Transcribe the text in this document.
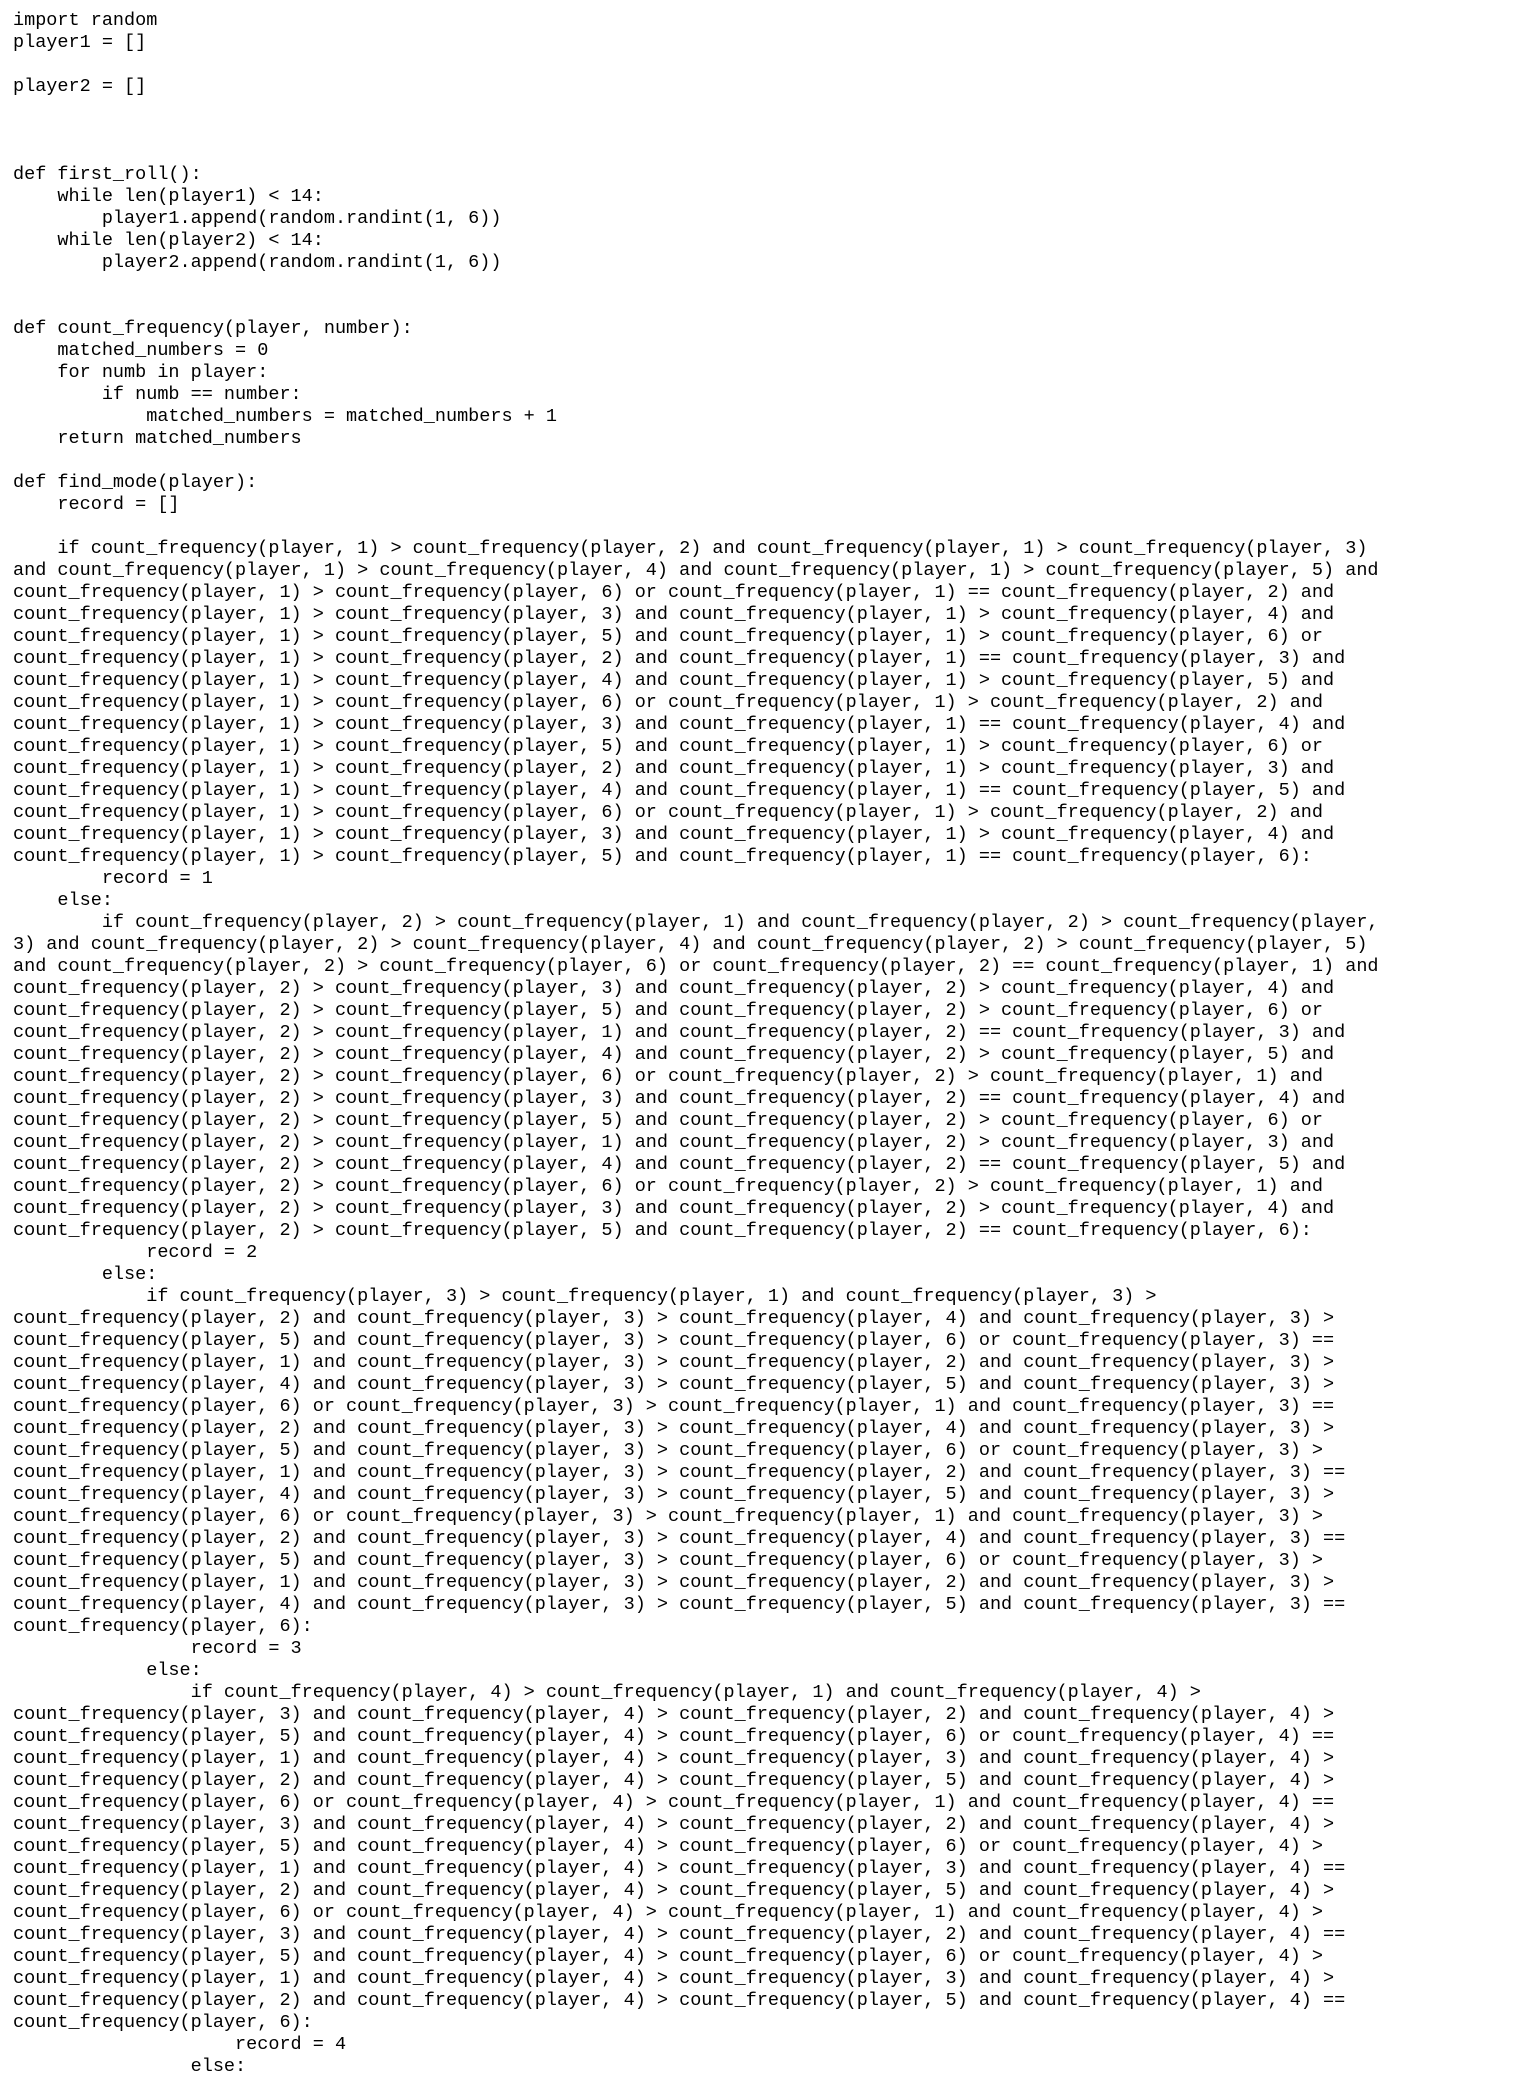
import random
player1 = []
player2 = []
def first_roll():
while len(player1) < 14:
player1.append(random.randint(1, 6))
while len(player2) < 14:
player2.append(random.randint(1, 6))
def count_frequency(player, number):
matched_numbers = 0
for numb in player:
if numb == number:
matched_numbers = matched_numbers + 1
return matched_numbers
def find_mode(player):
record = []
if count_frequency(player, 1) > count_frequency(player, 2) and count_frequency(player, 1) > count_frequency(player, 3)
and count_frequency(player, 1) > count_frequency(player, 4) and count_frequency(player, 1) > count_frequency(player, 5) and
count_frequency(player, 1) > count_frequency(player, 6) or count_frequency(player, 1) == count_frequency(player, 2) and
count_frequency(player, 1) > count_frequency(player, 3) and count_frequency(player, 1) > count_frequency(player, 4) and
count_frequency(player, 1) > count_frequency(player, 5) and count_frequency(player, 1) > count_frequency(player, 6) or
count_frequency(player, 1) > count_frequency(player, 2) and count_frequency(player, 1) == count_frequency(player, 3) and
count_frequency(player, 1) > count_frequency(player, 4) and count_frequency(player, 1) > count_frequency(player, 5) and
count_frequency(player, 1) > count_frequency(player, 6) or count_frequency(player, 1) > count_frequency(player, 2) and
count_frequency(player, 1) > count_frequency(player, 3) and count_frequency(player, 1) == count_frequency(player, 4) and
count_frequency(player, 1) > count_frequency(player, 5) and count_frequency(player, 1) > count_frequency(player, 6) or
count_frequency(player, 1) > count_frequency(player, 2) and count_frequency(player, 1) > count_frequency(player, 3) and
count_frequency(player, 1) > count_frequency(player, 4) and count_frequency(player, 1) == count_frequency(player, 5) and
count_frequency(player, 1) > count_frequency(player, 6) or count_frequency(player, 1) > count_frequency(player, 2) and
count_frequency(player, 1) > count_frequency(player, 3) and count_frequency(player, 1) > count_frequency(player, 4) and
count_frequency(player, 1) > count_frequency(player, 5) and count_frequency(player, 1) == count_frequency(player, 6):
record = 1
else:
if count_frequency(player, 2) > count_frequency(player, 1) and count_frequency(player, 2) > count_frequency(player,
3) and count_frequency(player, 2) > count_frequency(player, 4) and count_frequency(player, 2) > count_frequency(player, 5)
and count_frequency(player, 2) > count_frequency(player, 6) or count_frequency(player, 2) == count_frequency(player, 1) and
count_frequency(player, 2) > count_frequency(player, 3) and count_frequency(player, 2) > count_frequency(player, 4) and
count_frequency(player, 2) > count_frequency(player, 5) and count_frequency(player, 2) > count_frequency(player, 6) or
count_frequency(player, 2) > count_frequency(player, 1) and count_frequency(player, 2) == count_frequency(player, 3) and
count_frequency(player, 2) > count_frequency(player, 4) and count_frequency(player, 2) > count_frequency(player, 5) and
count_frequency(player, 2) > count_frequency(player, 6) or count_frequency(player, 2) > count_frequency(player, 1) and
count_frequency(player, 2) > count_frequency(player, 3) and count_frequency(player, 2) == count_frequency(player, 4) and
count_frequency(player, 2) > count_frequency(player, 5) and count_frequency(player, 2) > count_frequency(player, 6) or
count_frequency(player, 2) > count_frequency(player, 1) and count_frequency(player, 2) > count_frequency(player, 3) and
count_frequency(player, 2) > count_frequency(player, 4) and count_frequency(player, 2) == count_frequency(player, 5) and
count_frequency(player, 2) > count_frequency(player, 6) or count_frequency(player, 2) > count_frequency(player, 1) and
count_frequency(player, 2) > count_frequency(player, 3) and count_frequency(player, 2) > count_frequency(player, 4) and
count_frequency(player, 2) > count_frequency(player, 5) and count_frequency(player, 2) == count_frequency(player, 6):
record = 2
else:
if count_frequency(player, 3) > count_frequency(player, 1) and count_frequency(player, 3) >
count_frequency(player, 2) and count_frequency(player, 3) > count_frequency(player, 4) and count_frequency(player, 3) >
count_frequency(player, 5) and count_frequency(player, 3) > count_frequency(player, 6) or count_frequency(player, 3) ==
count_frequency(player, 1) and count_frequency(player, 3) > count_frequency(player, 2) and count_frequency(player, 3) >
count_frequency(player, 4) and count_frequency(player, 3) > count_frequency(player, 5) and count_frequency(player, 3) >
count_frequency(player, 6) or count_frequency(player, 3) > count_frequency(player, 1) and count_frequency(player, 3) ==
count_frequency(player, 2) and count_frequency(player, 3) > count_frequency(player, 4) and count_frequency(player, 3) >
count_frequency(player, 5) and count_frequency(player, 3) > count_frequency(player, 6) or count_frequency(player, 3) >
count_frequency(player, 1) and count_frequency(player, 3) > count_frequency(player, 2) and count_frequency(player, 3) ==
count_frequency(player, 4) and count_frequency(player, 3) > count_frequency(player, 5) and count_frequency(player, 3) >
count_frequency(player, 6) or count_frequency(player, 3) > count_frequency(player, 1) and count_frequency(player, 3) >
count_frequency(player, 2) and count_frequency(player, 3) > count_frequency(player, 4) and count_frequency(player, 3) ==
count_frequency(player, 5) and count_frequency(player, 3) > count_frequency(player, 6) or count_frequency(player, 3) >
count_frequency(player, 1) and count_frequency(player, 3) > count_frequency(player, 2) and count_frequency(player, 3) >
count_frequency(player, 4) and count_frequency(player, 3) > count_frequency(player, 5) and count_frequency(player, 3) ==
count_frequency(player, 6):
record = 3
else:
if count_frequency(player, 4) > count_frequency(player, 1) and count_frequency(player, 4) >
count_frequency(player, 3) and count_frequency(player, 4) > count_frequency(player, 2) and count_frequency(player, 4) >
count_frequency(player, 5) and count_frequency(player, 4) > count_frequency(player, 6) or count_frequency(player, 4) ==
count_frequency(player, 1) and count_frequency(player, 4) > count_frequency(player, 3) and count_frequency(player, 4) >
count_frequency(player, 2) and count_frequency(player, 4) > count_frequency(player, 5) and count_frequency(player, 4) >
count_frequency(player, 6) or count_frequency(player, 4) > count_frequency(player, 1) and count_frequency(player, 4) ==
count_frequency(player, 3) and count_frequency(player, 4) > count_frequency(player, 2) and count_frequency(player, 4) >
count_frequency(player, 5) and count_frequency(player, 4) > count_frequency(player, 6) or count_frequency(player, 4) >
count_frequency(player, 1) and count_frequency(player, 4) > count_frequency(player, 3) and count_frequency(player, 4) ==
count_frequency(player, 2) and count_frequency(player, 4) > count_frequency(player, 5) and count_frequency(player, 4) >
count_frequency(player, 6) or count_frequency(player, 4) > count_frequency(player, 1) and count_frequency(player, 4) >
count_frequency(player, 3) and count_frequency(player, 4) > count_frequency(player, 2) and count_frequency(player, 4) ==
count_frequency(player, 5) and count_frequency(player, 4) > count_frequency(player, 6) or count_frequency(player, 4) >
count_frequency(player, 1) and count_frequency(player, 4) > count_frequency(player, 3) and count_frequency(player, 4) >
count_frequency(player, 2) and count_frequency(player, 4) > count_frequency(player, 5) and count_frequency(player, 4) ==
count_frequency(player, 6):
record = 4
else:
